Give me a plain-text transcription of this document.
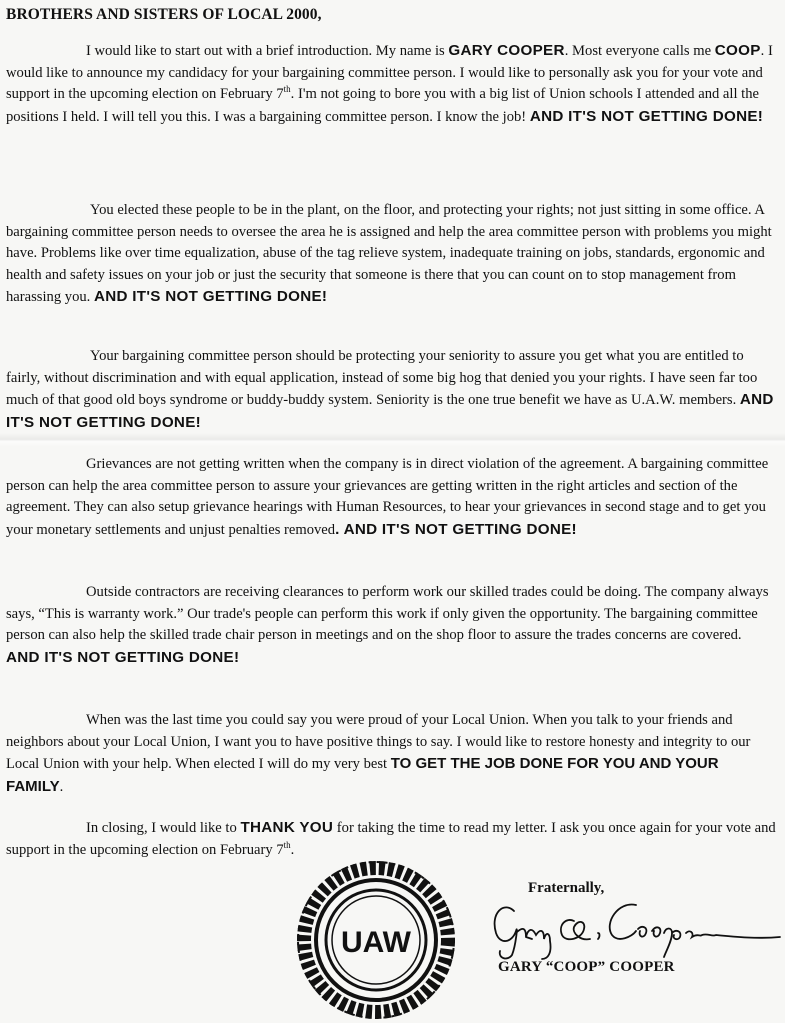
BROTHERS AND SISTERS OF LOCAL 2000,

I would like to start out with a brief introduction. My name is GARY COOPER. Most everyone calls me COOP. I would like to announce my candidacy for your bargaining committee person. I would like to personally ask you for your vote and support in the upcoming election on February 7th. I'm not going to bore you with a big list of Union schools I attended and all the positions I held. I will tell you this. I was a bargaining committee person. I know the job! AND IT'S NOT GETTING DONE!

You elected these people to be in the plant, on the floor, and protecting your rights; not just sitting in some office. A bargaining committee person needs to oversee the area he is assigned and help the area committee person with problems you might have. Problems like over time equalization, abuse of the tag relieve system, inadequate training on jobs, standards, ergonomic and health and safety issues on your job or just the security that someone is there that you can count on to stop management from harassing you. AND IT'S NOT GETTING DONE!

Your bargaining committee person should be protecting your seniority to assure you get what you are entitled to fairly, without discrimination and with equal application, instead of some big hog that denied you your rights. I have seen far too much of that good old boys syndrome or buddy-buddy system. Seniority is the one true benefit we have as U.A.W. members. AND IT'S NOT GETTING DONE!

Grievances are not getting written when the company is in direct violation of the agreement. A bargaining committee person can help the area committee person to assure your grievances are getting written in the right articles and section of the agreement. They can also setup grievance hearings with Human Resources, to hear your grievances in second stage and to get you your monetary settlements and unjust penalties removed. AND IT'S NOT GETTING DONE!

Outside contractors are receiving clearances to perform work our skilled trades could be doing. The company always says, “This is warranty work.” Our trade's people can perform this work if only given the opportunity. The bargaining committee person can also help the skilled trade chair person in meetings and on the shop floor to assure the trades concerns are covered. AND IT'S NOT GETTING DONE!

When was the last time you could say you were proud of your Local Union. When you talk to your friends and neighbors about your Local Union, I want you to have positive things to say. I would like to restore honesty and integrity to our Local Union with your help. When elected I will do my very best TO GET THE JOB DONE FOR YOU AND YOUR FAMILY.

In closing, I would like to THANK YOU for taking the time to read my letter. I ask you once again for your vote and support in the upcoming election on February 7th.

UAW
Fraternally,
GARY “COOP” COOPER
